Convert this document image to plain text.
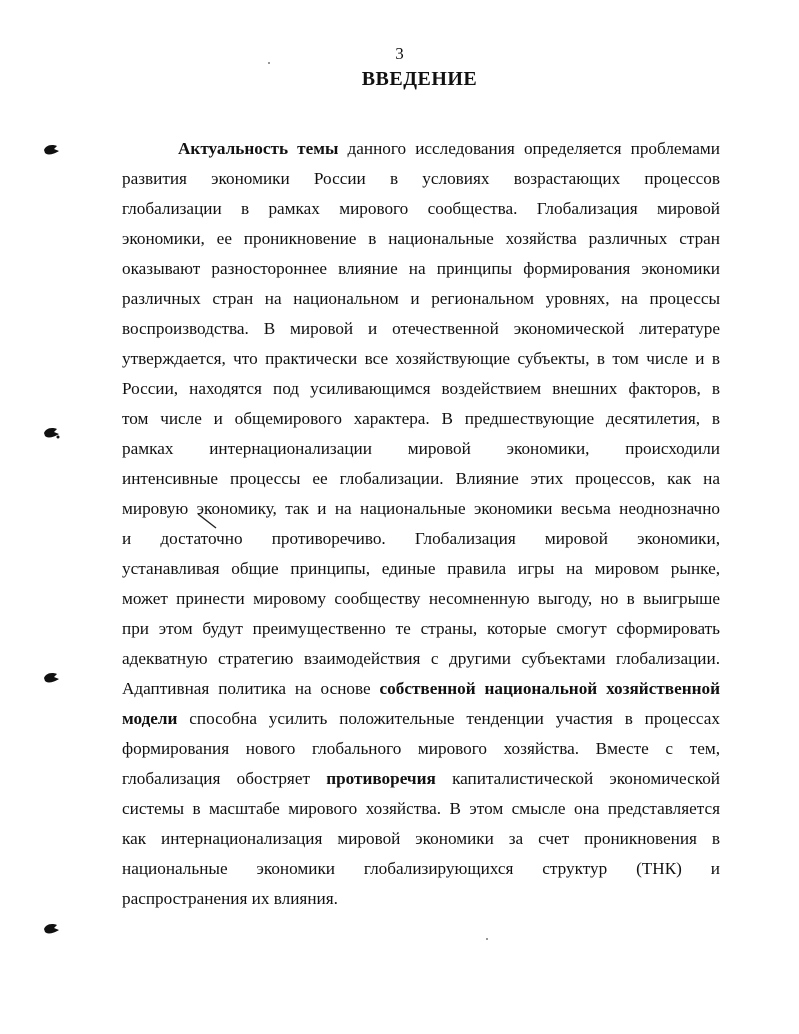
3
ВВЕДЕНИЕ
Актуальность темы данного исследования определяется проблемами
развития экономики России в условиях возрастающих процессов
глобализации в рамках мирового сообщества. Глобализация мировой
экономики, ее проникновение в национальные хозяйства различных стран
оказывают разностороннее влияние на принципы формирования экономики
различных стран на национальном и региональном уровнях, на процессы
воспроизводства. В мировой и отечественной экономической литературе
утверждается, что практически все хозяйствующие субъекты, в том числе и в
России, находятся под усиливающимся воздействием внешних факторов, в
том числе и общемирового характера. В предшествующие десятилетия, в
рамках интернационализации мировой экономики, происходили
интенсивные процессы ее глобализации. Влияние этих процессов, как на
мировую экономику, так и на национальные экономики весьма неоднозначно
и достаточно противоречиво. Глобализация мировой экономики,
устанавливая общие принципы, единые правила игры на мировом рынке,
может принести мировому сообществу несомненную выгоду, но в выигрыше
при этом будут преимущественно те страны, которые смогут сформировать
адекватную стратегию взаимодействия с другими субъектами глобализации.
Адаптивная политика на основе собственной национальной хозяйственной
модели способна усилить положительные тенденции участия в процессах
формирования нового глобального мирового хозяйства. Вместе с тем,
глобализация обостряет противоречия капиталистической экономической
системы в масштабе мирового хозяйства. В этом смысле она представляется
как интернационализация мировой экономики за счет проникновения в
национальные экономики глобализирующихся структур (ТНК) и
распространения их влияния.
